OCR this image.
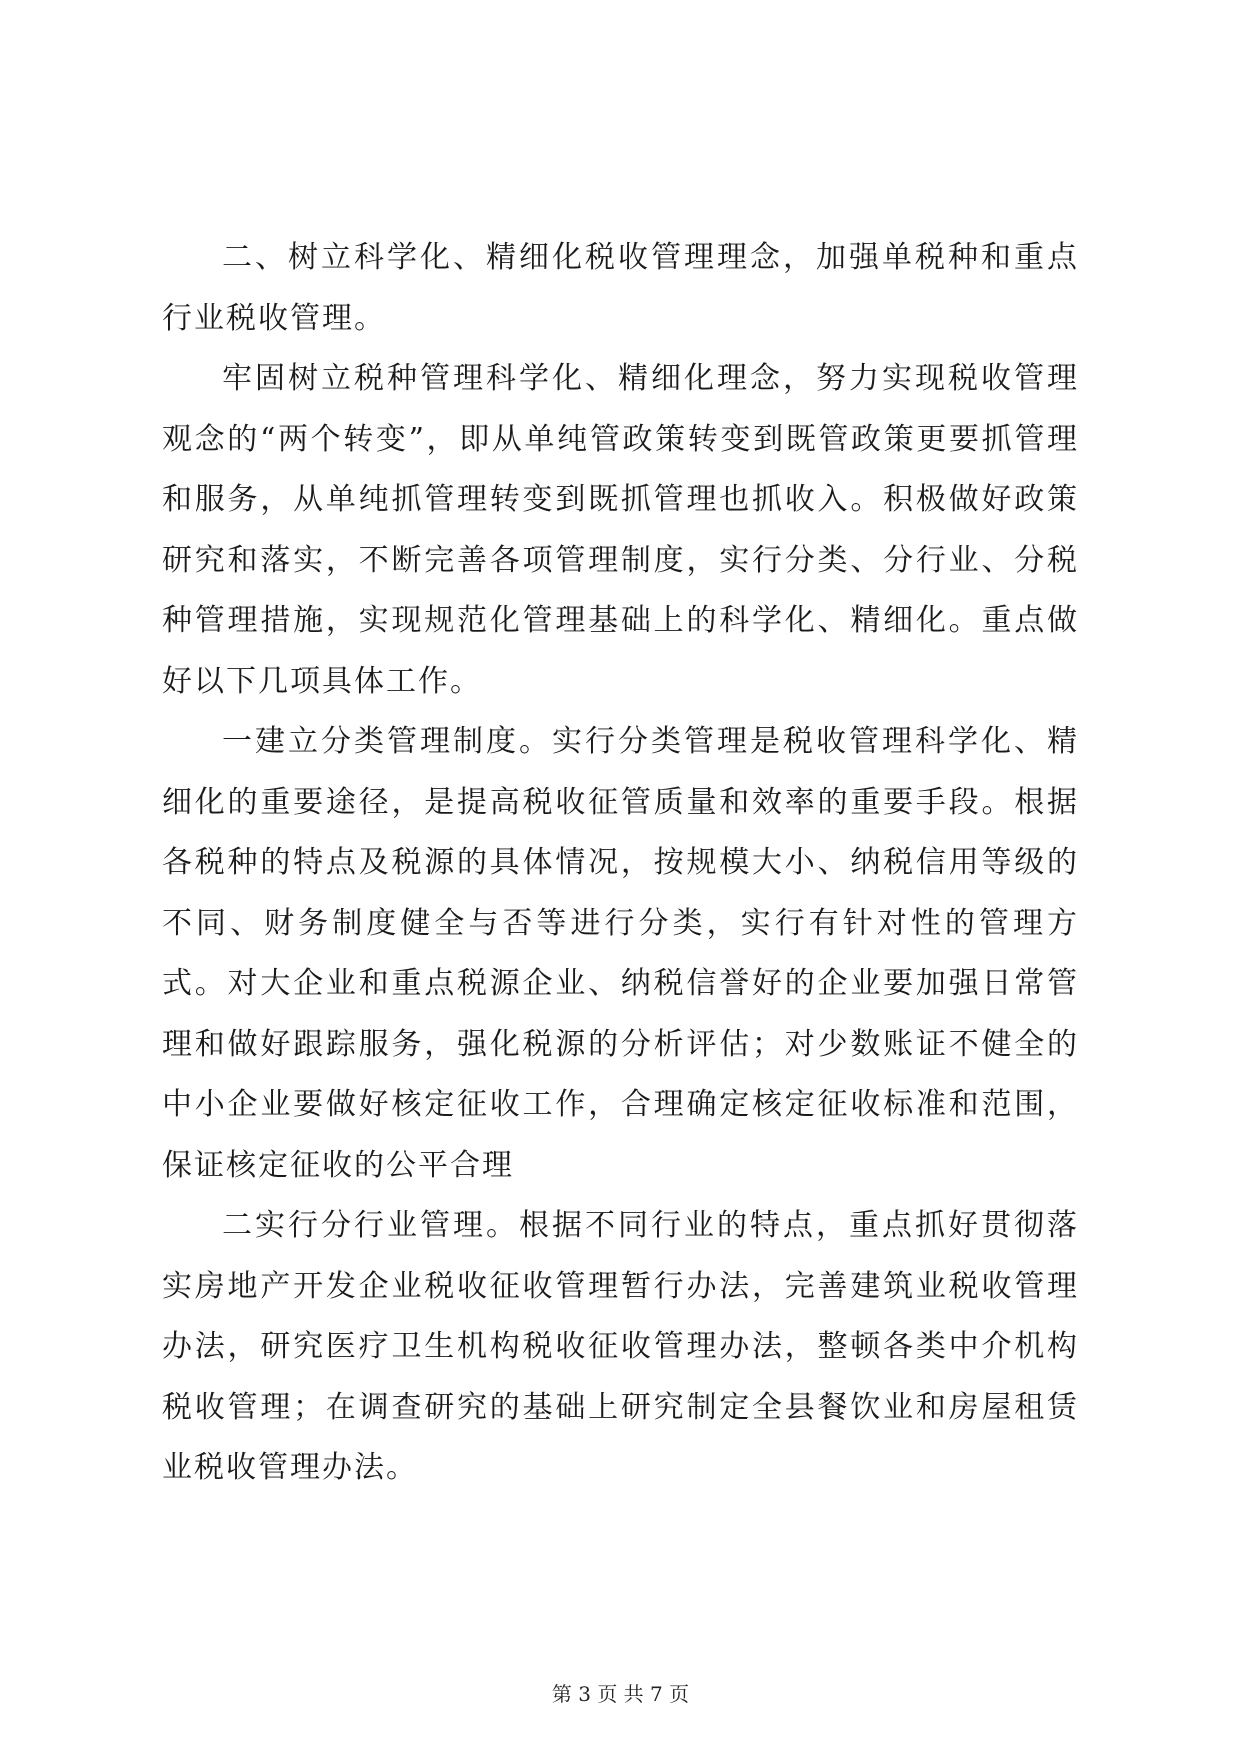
二、树立科学化、精细化税收管理理念，加强单税种和重点行业税收管理。

牢固树立税种管理科学化、精细化理念，努力实现税收管理观念的“两个转变”，即从单纯管政策转变到既管政策更要抓管理和服务，从单纯抓管理转变到既抓管理也抓收入。积极做好政策研究和落实，不断完善各项管理制度，实行分类、分行业、分税种管理措施，实现规范化管理基础上的科学化、精细化。重点做好以下几项具体工作。

一建立分类管理制度。实行分类管理是税收管理科学化、精细化的重要途径，是提高税收征管质量和效率的重要手段。根据各税种的特点及税源的具体情况，按规模大小、纳税信用等级的不同、财务制度健全与否等进行分类，实行有针对性的管理方式。对大企业和重点税源企业、纳税信誉好的企业要加强日常管理和做好跟踪服务，强化税源的分析评估；对少数账证不健全的中小企业要做好核定征收工作，合理确定核定征收标准和范围，保证核定征收的公平合理

二实行分行业管理。根据不同行业的特点，重点抓好贯彻落实房地产开发企业税收征收管理暂行办法，完善建筑业税收管理办法，研究医疗卫生机构税收征收管理办法，整顿各类中介机构税收管理；在调查研究的基础上研究制定全县餐饮业和房屋租赁业税收管理办法。

第 3 页 共 7 页
